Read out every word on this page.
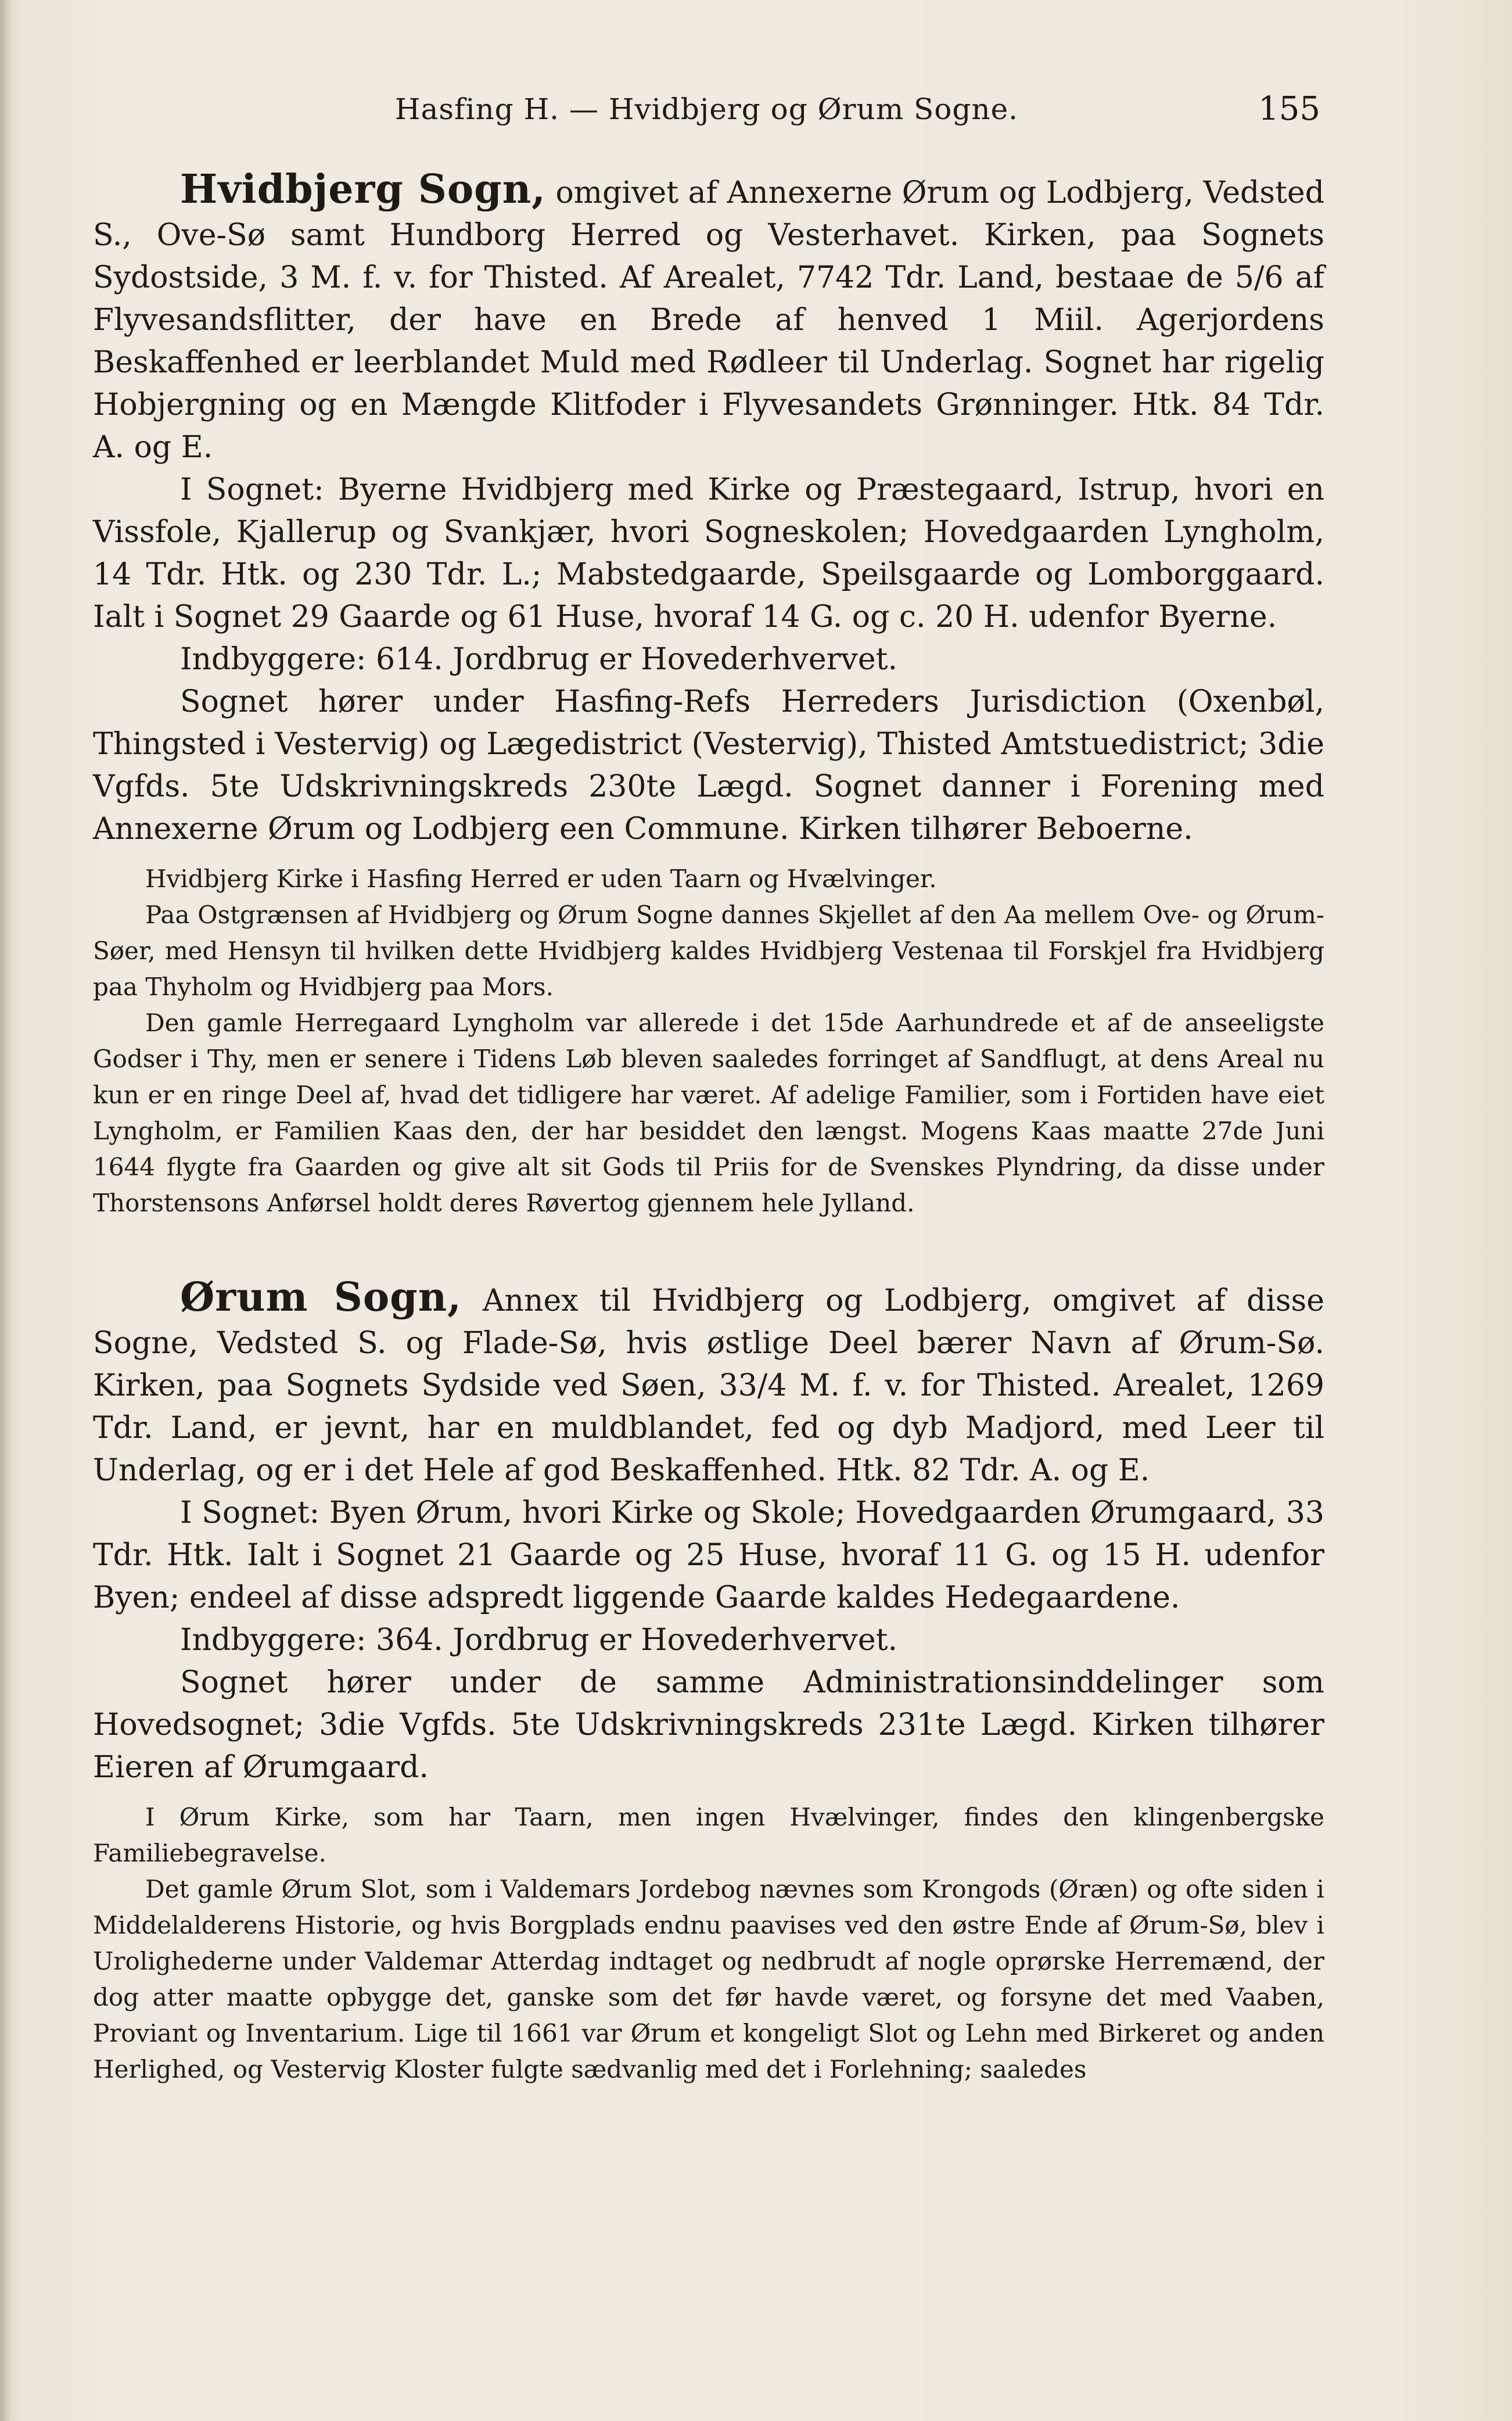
Hasfing H. — Hvidbjerg og Ørum Sogne.	155

Hvidbjerg Sogn, omgivet af Annexerne Ørum og Lodbjerg, Vedsted S., Ove-Sø samt Hundborg Herred og Vesterhavet. Kirken, paa Sognets Sydostside, 3 M. f. v. for Thisted. Af Arealet, 7742 Tdr. Land, bestaae de 5/6 af Flyvesandsflitter, der have en Brede af henved 1 Miil. Agerjordens Beskaffenhed er leerblandet Muld med Rødleer til Underlag. Sognet har rigelig Hobjergning og en Mængde Klitfoder i Flyvesandets Grønninger. Htk. 84 Tdr. A. og E.

I Sognet: Byerne Hvidbjerg med Kirke og Præstegaard, Istrup, hvori en Vissfole, Kjallerup og Svankjær, hvori Sogneskolen; Hovedgaarden Lyngholm, 14 Tdr. Htk. og 230 Tdr. L.; Mabstedgaarde, Speilsgaarde og Lomborggaard. Ialt i Sognet 29 Gaarde og 61 Huse, hvoraf 14 G. og c. 20 H. udenfor Byerne.

Indbyggere: 614. Jordbrug er Hovederhvervet.

Sognet hører under Hasfing-Refs Herreders Jurisdiction (Oxenbøl, Thingsted i Vestervig) og Lægedistrict (Vestervig), Thisted Amtstuedistrict; 3die Vgfds. 5te Udskrivningskreds 230te Lægd. Sognet danner i Forening med Annexerne Ørum og Lodbjerg een Commune. Kirken tilhører Beboerne.

Hvidbjerg Kirke i Hasfing Herred er uden Taarn og Hvælvinger.

Paa Ostgrænsen af Hvidbjerg og Ørum Sogne dannes Skjellet af den Aa mellem Ove- og Ørum-Søer, med Hensyn til hvilken dette Hvidbjerg kaldes Hvidbjerg Vestenaa til Forskjel fra Hvidbjerg paa Thyholm og Hvidbjerg paa Mors.

Den gamle Herregaard Lyngholm var allerede i det 15de Aarhundrede et af de anseeligste Godser i Thy, men er senere i Tidens Løb bleven saaledes forringet af Sandflugt, at dens Areal nu kun er en ringe Deel af, hvad det tidligere har været. Af adelige Familier, som i Fortiden have eiet Lyngholm, er Familien Kaas den, der har besiddet den længst. Mogens Kaas maatte 27de Juni 1644 flygte fra Gaarden og give alt sit Gods til Priis for de Svenskes Plyndring, da disse under Thorstensons Anførsel holdt deres Røvertog gjennem hele Jylland.

Ørum Sogn, Annex til Hvidbjerg og Lodbjerg, omgivet af disse Sogne, Vedsted S. og Flade-Sø, hvis østlige Deel bærer Navn af Ørum-Sø. Kirken, paa Sognets Sydside ved Søen, 33/4 M. f. v. for Thisted. Arealet, 1269 Tdr. Land, er jevnt, har en muldblandet, fed og dyb Madjord, med Leer til Underlag, og er i det Hele af god Beskaffenhed. Htk. 82 Tdr. A. og E.

I Sognet: Byen Ørum, hvori Kirke og Skole; Hovedgaarden Ørumgaard, 33 Tdr. Htk. Ialt i Sognet 21 Gaarde og 25 Huse, hvoraf 11 G. og 15 H. udenfor Byen; endeel af disse adspredt liggende Gaarde kaldes Hedegaardene.

Indbyggere: 364. Jordbrug er Hovederhvervet.

Sognet hører under de samme Administrationsinddelinger som Hovedsognet; 3die Vgfds. 5te Udskrivningskreds 231te Lægd. Kirken tilhører Eieren af Ørumgaard.

I Ørum Kirke, som har Taarn, men ingen Hvælvinger, findes den klingenbergske Familiebegravelse.

Det gamle Ørum Slot, som i Valdemars Jordebog nævnes som Krongods (Øræn) og ofte siden i Middelalderens Historie, og hvis Borgplads endnu paavises ved den østre Ende af Ørum-Sø, blev i Urolighederne under Valdemar Atterdag indtaget og nedbrudt af nogle oprørske Herremænd, der dog atter maatte opbygge det, ganske som det før havde været, og forsyne det med Vaaben, Proviant og Inventarium. Lige til 1661 var Ørum et kongeligt Slot og Lehn med Birkeret og anden Herlighed, og Vestervig Kloster fulgte sædvanlig med det i Forlehning; saaledes
